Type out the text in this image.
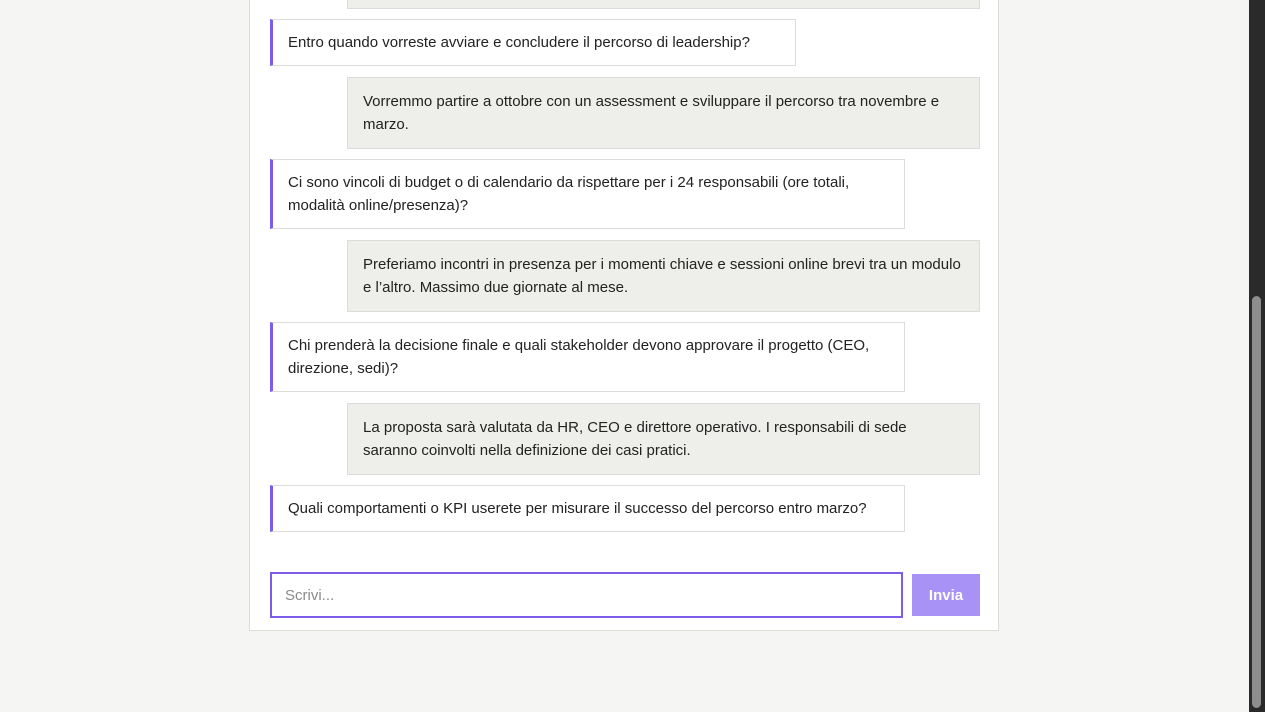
Entro quando vorreste avviare e concludere il percorso di leadership?
Vorremmo partire a ottobre con un assessment e sviluppare il percorso tra novembre e marzo.
Ci sono vincoli di budget o di calendario da rispettare per i 24 responsabili (ore totali, modalità online/presenza)?
Preferiamo incontri in presenza per i momenti chiave e sessioni online brevi tra un modulo e l’altro. Massimo due giornate al mese.
Chi prenderà la decisione finale e quali stakeholder devono approvare il progetto (CEO, direzione, sedi)?
La proposta sarà valutata da HR, CEO e direttore operativo. I responsabili di sede saranno coinvolti nella definizione dei casi pratici.
Quali comportamenti o KPI userete per misurare il successo del percorso entro marzo?
Scrivi...
Invia
